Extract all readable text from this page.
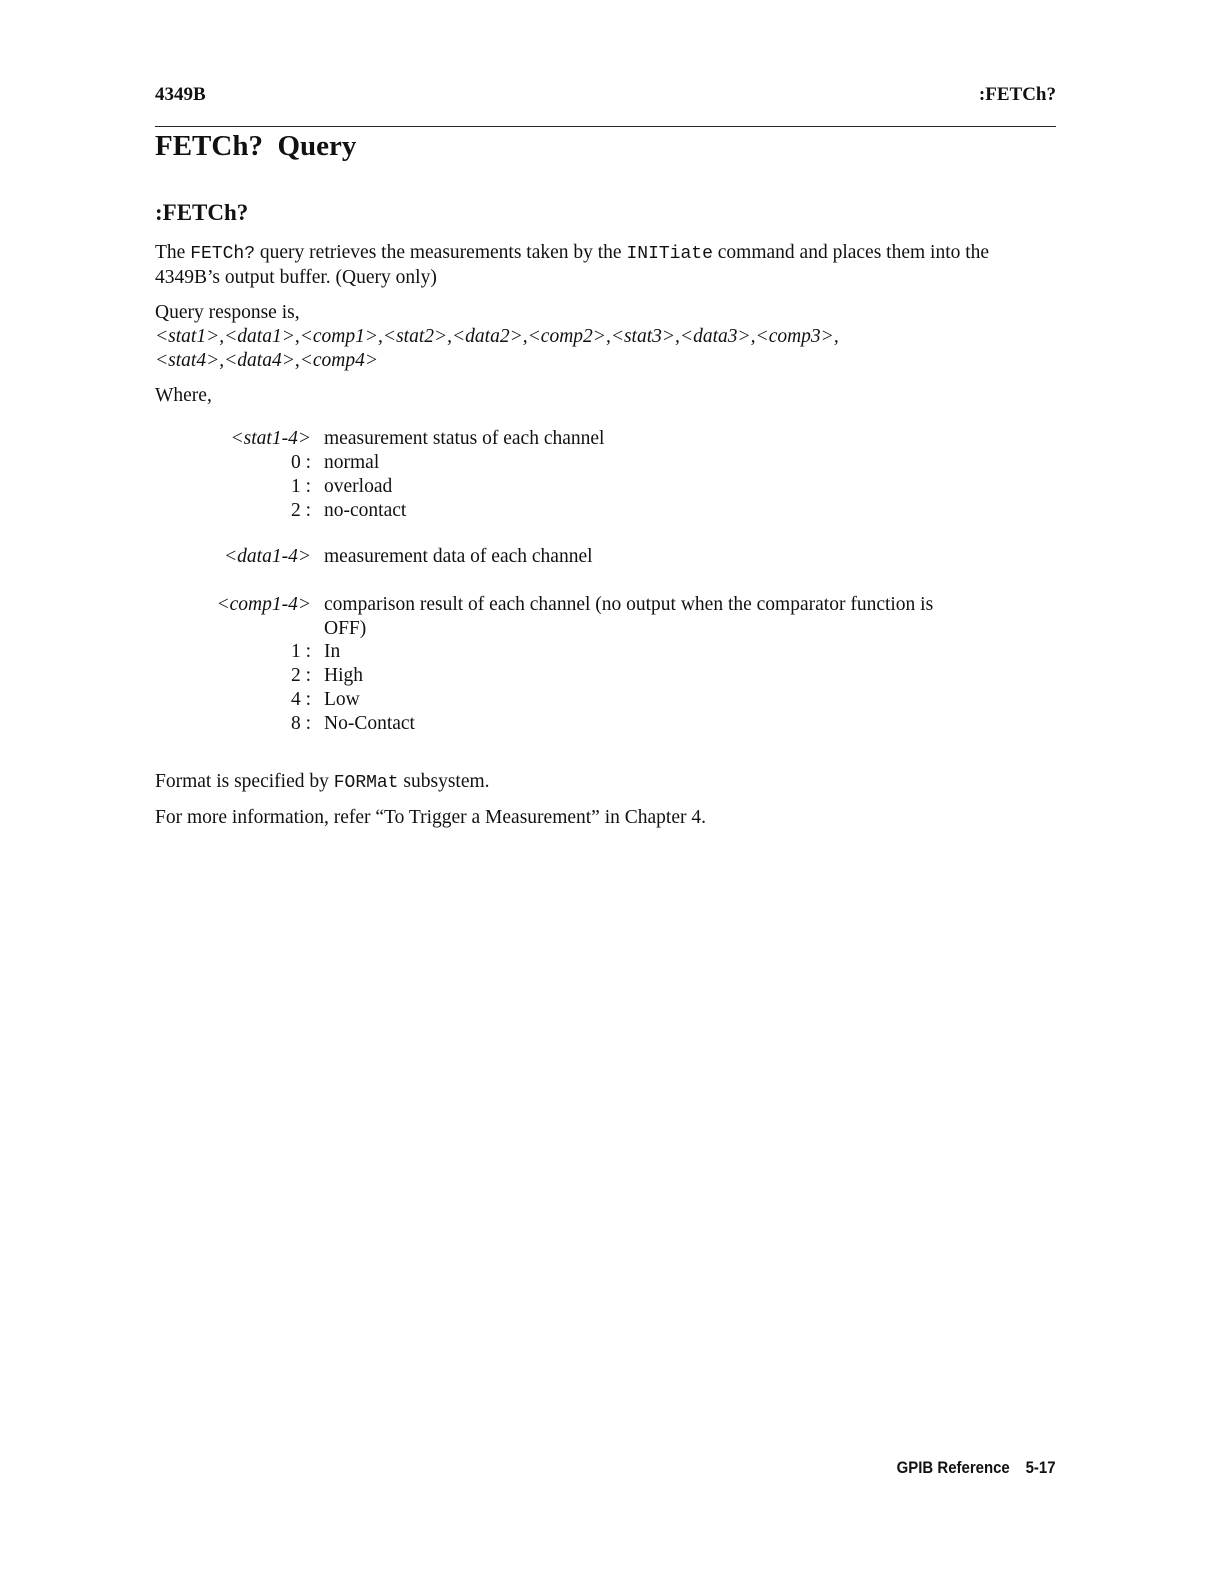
4349B	:FETCh?
FETCh?  Query
:FETCh?

The FETCh? query retrieves the measurements taken by the INITiate command and places them into the 4349B’s output buffer. (Query only)

Query response is,
<stat1>,<data1>,<comp1>,<stat2>,<data2>,<comp2>,<stat3>,<data3>,<comp3>,
<stat4>,<data4>,<comp4>

Where,

<stat1-4> measurement status of each channel
0 : normal
1 : overload
2 : no-contact
<data1-4> measurement data of each channel
<comp1-4> comparison result of each channel (no output when the comparator function is OFF)
1 : In
2 : High
4 : Low
8 : No-Contact

Format is specified by FORMat subsystem.

For more information, refer “To Trigger a Measurement” in Chapter 4.

GPIB Reference 5-17
